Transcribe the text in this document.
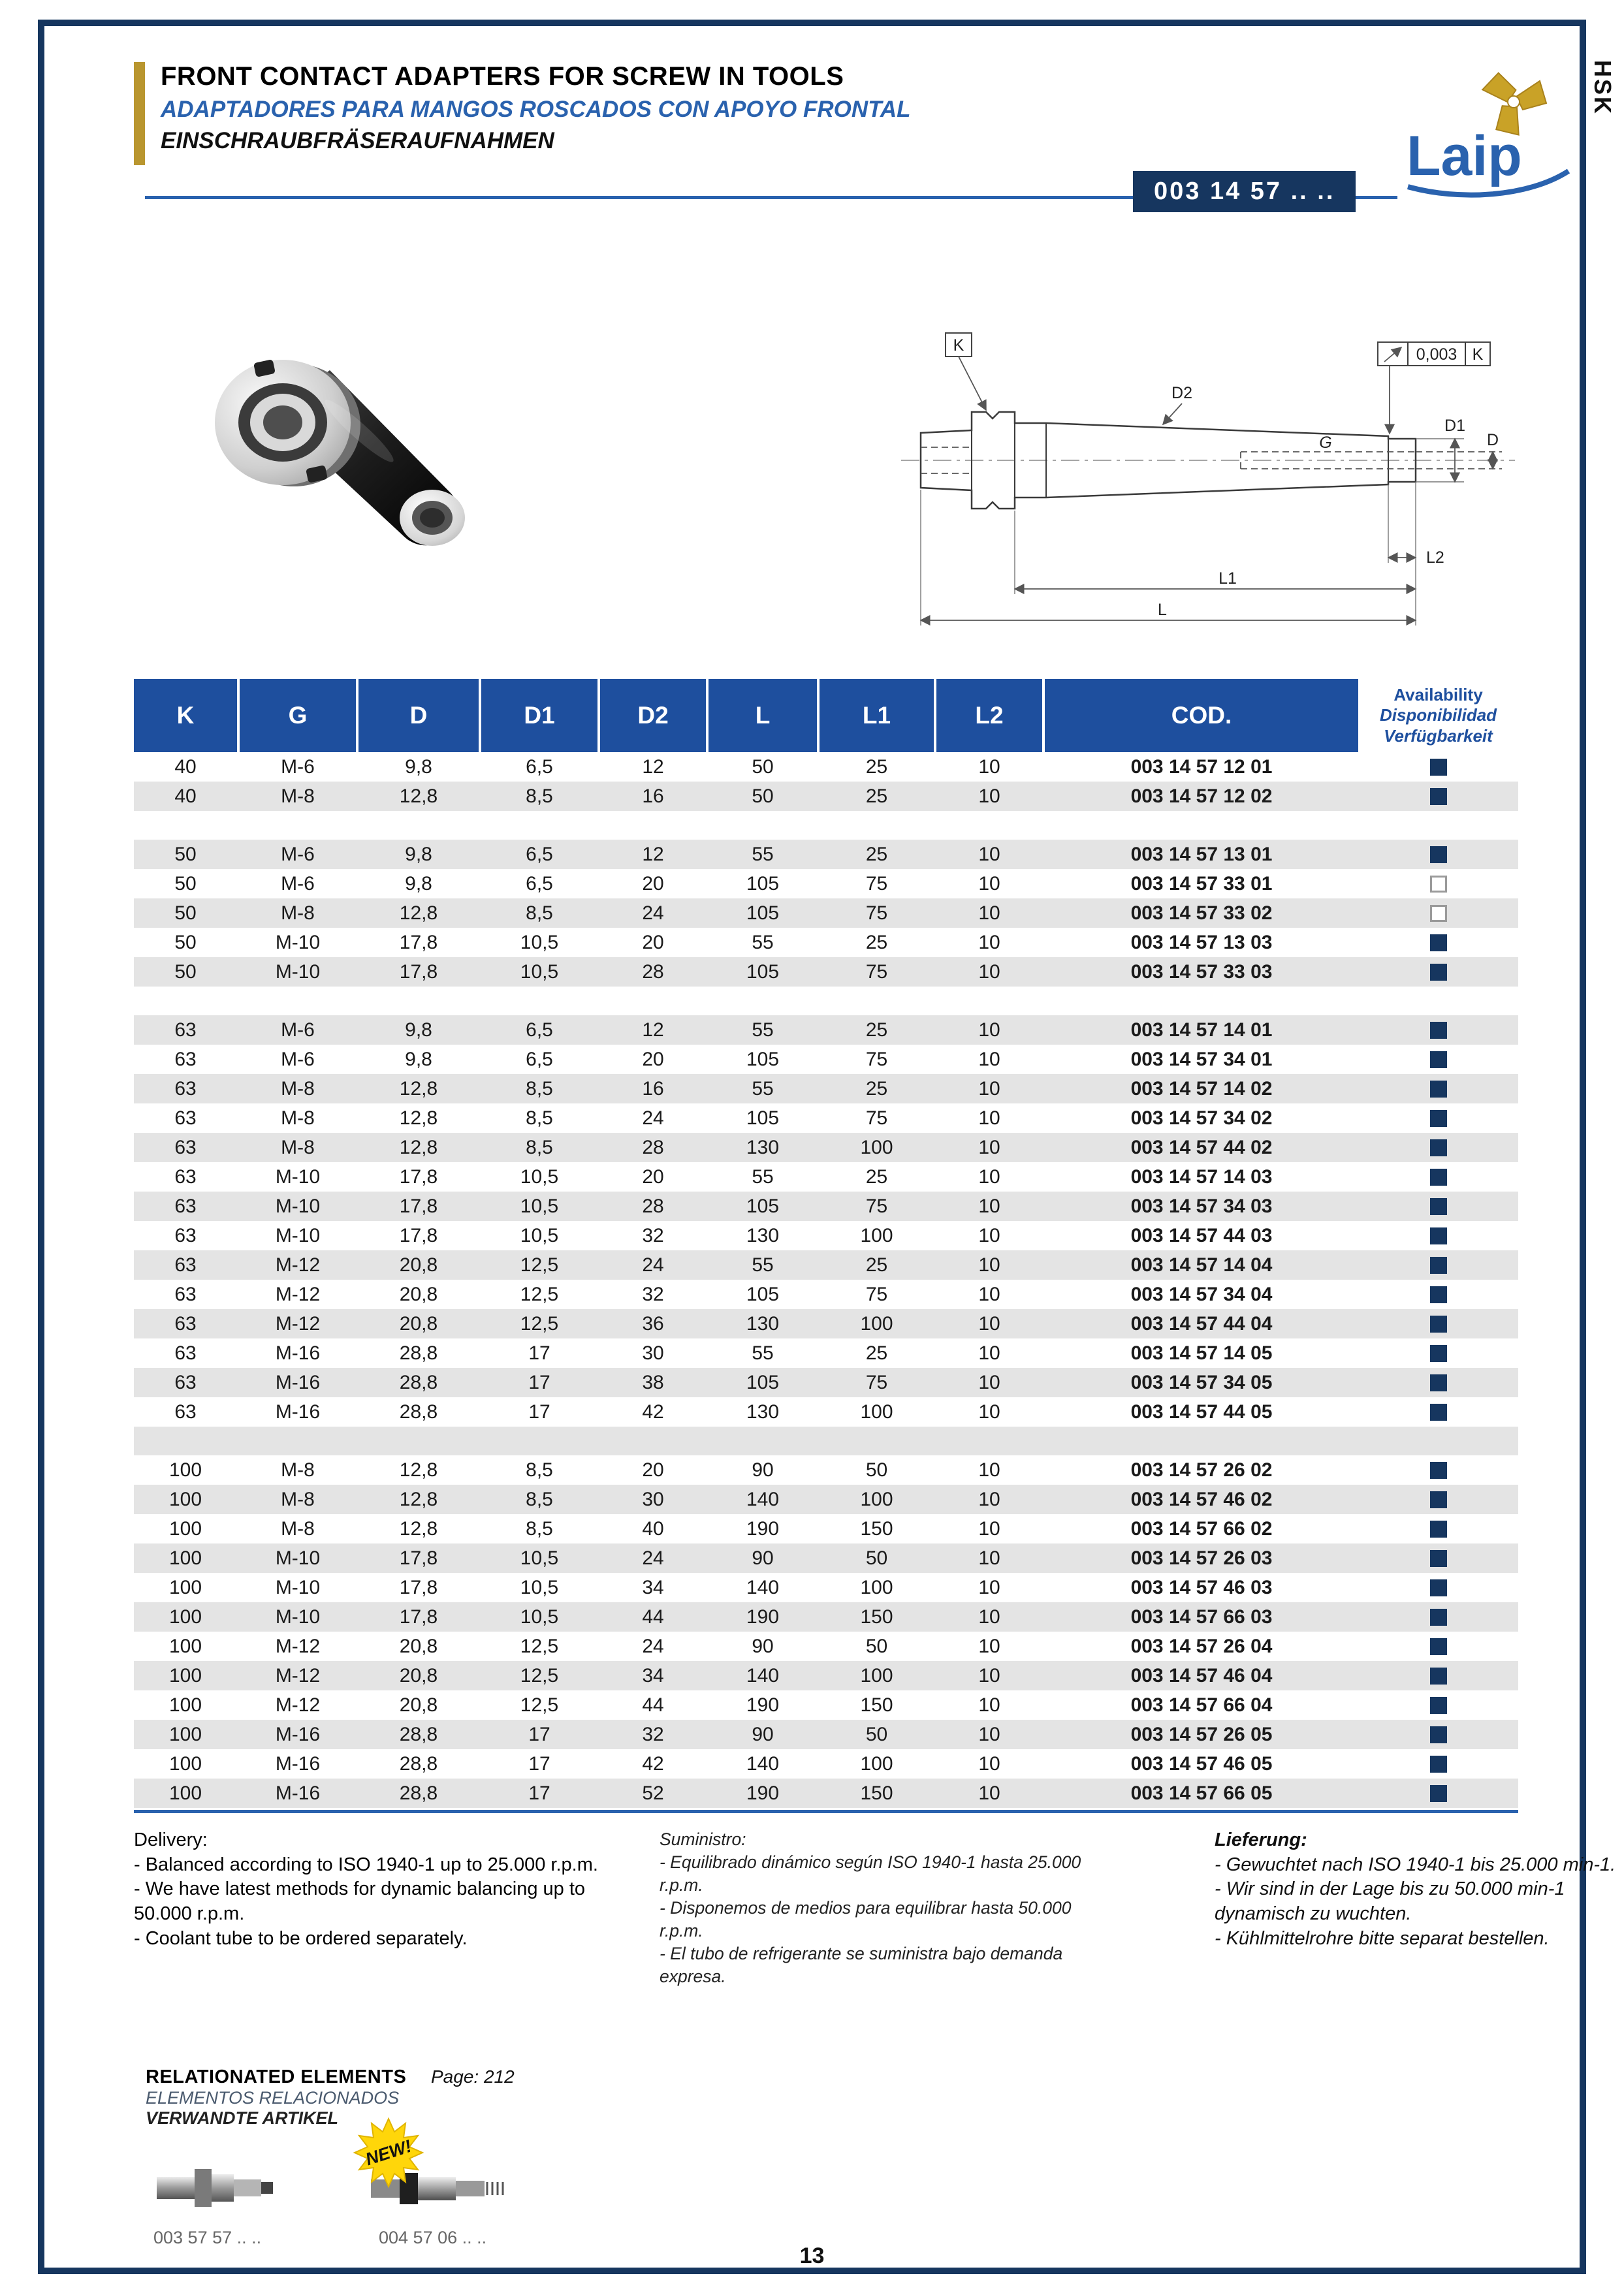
HSK
FRONT CONTACT ADAPTERS FOR SCREW IN TOOLS
ADAPTADORES PARA MANGOS ROSCADOS CON APOYO FRONTAL
EINSCHRAUBFRÄSERAUFNAHMEN
003 14 57 .. ..
Laip
K	0,003 K
D2
G
D1
D
L2
L1
L
K	G	D	D1	D2	L	L1	L2	COD.
Availability
Disponibilidad
Verfügbarkeit
40	M-6	9,8	6,5	12	50	25	10	003 14 57 12 01
40	M-8	12,8	8,5	16	50	25	10	003 14 57 12 02
50	M-6	9,8	6,5	12	55	25	10	003 14 57 13 01
50	M-6	9,8	6,5	20	105	75	10	003 14 57 33 01
50	M-8	12,8	8,5	24	105	75	10	003 14 57 33 02
50	M-10	17,8	10,5	20	55	25	10	003 14 57 13 03
50	M-10	17,8	10,5	28	105	75	10	003 14 57 33 03
63	M-6	9,8	6,5	12	55	25	10	003 14 57 14 01
63	M-6	9,8	6,5	20	105	75	10	003 14 57 34 01
63	M-8	12,8	8,5	16	55	25	10	003 14 57 14 02
63	M-8	12,8	8,5	24	105	75	10	003 14 57 34 02
63	M-8	12,8	8,5	28	130	100	10	003 14 57 44 02
63	M-10	17,8	10,5	20	55	25	10	003 14 57 14 03
63	M-10	17,8	10,5	28	105	75	10	003 14 57 34 03
63	M-10	17,8	10,5	32	130	100	10	003 14 57 44 03
63	M-12	20,8	12,5	24	55	25	10	003 14 57 14 04
63	M-12	20,8	12,5	32	105	75	10	003 14 57 34 04
63	M-12	20,8	12,5	36	130	100	10	003 14 57 44 04
63	M-16	28,8	17	30	55	25	10	003 14 57 14 05
63	M-16	28,8	17	38	105	75	10	003 14 57 34 05
63	M-16	28,8	17	42	130	100	10	003 14 57 44 05
100	M-8	12,8	8,5	20	90	50	10	003 14 57 26 02
100	M-8	12,8	8,5	30	140	100	10	003 14 57 46 02
100	M-8	12,8	8,5	40	190	150	10	003 14 57 66 02
100	M-10	17,8	10,5	24	90	50	10	003 14 57 26 03
100	M-10	17,8	10,5	34	140	100	10	003 14 57 46 03
100	M-10	17,8	10,5	44	190	150	10	003 14 57 66 03
100	M-12	20,8	12,5	24	90	50	10	003 14 57 26 04
100	M-12	20,8	12,5	34	140	100	10	003 14 57 46 04
100	M-12	20,8	12,5	44	190	150	10	003 14 57 66 04
100	M-16	28,8	17	32	90	50	10	003 14 57 26 05
100	M-16	28,8	17	42	140	100	10	003 14 57 46 05
100	M-16	28,8	17	52	190	150	10	003 14 57 66 05
Delivery:
- Balanced according to ISO 1940-1 up to 25.000 r.p.m.
- We have latest methods for dynamic balancing up to 50.000 r.p.m.
- Coolant tube to be ordered separately.
Suministro:
- Equilibrado dinámico según ISO 1940-1 hasta 25.000 r.p.m.
- Disponemos de medios para equilibrar hasta 50.000 r.p.m.
- El tubo de refrigerante se suministra bajo demanda expresa.
Lieferung:
- Gewuchtet nach ISO 1940-1 bis 25.000 min-1.
- Wir sind in der Lage bis zu 50.000 min-1 dynamisch zu wuchten.
- Kühlmittelrohre bitte separat bestellen.
RELATIONATED ELEMENTS
ELEMENTOS RELACIONADOS
VERWANDTE ARTIKEL
Page: 212
NEW!
003 57 57 .. ..	004 57 06 .. ..
13
